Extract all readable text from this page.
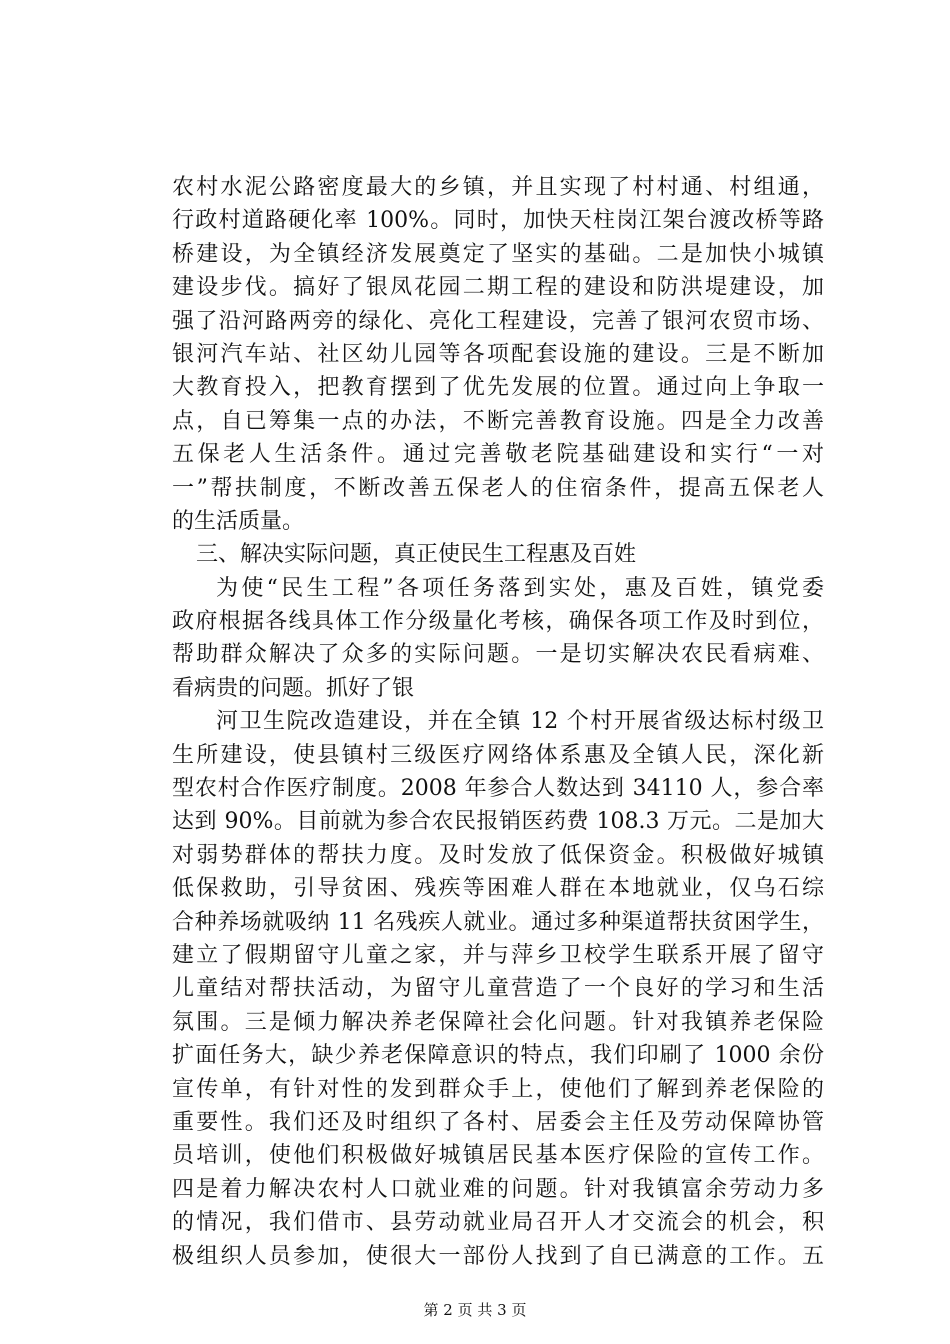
农村水泥公路密度最大的乡镇，并且实现了村村通、村组通，
行政村道路硬化率 100%。同时，加快天柱岗江架台渡改桥等路
桥建设，为全镇经济发展奠定了坚实的基础。二是加快小城镇
建设步伐。搞好了银凤花园二期工程的建设和防洪堤建设，加
强了沿河路两旁的绿化、亮化工程建设，完善了银河农贸市场、
银河汽车站、社区幼儿园等各项配套设施的建设。三是不断加
大教育投入，把教育摆到了优先发展的位置。通过向上争取一
点，自已筹集一点的办法，不断完善教育设施。四是全力改善
五保老人生活条件。通过完善敬老院基础建设和实行“一对
一”帮扶制度，不断改善五保老人的住宿条件，提高五保老人
的生活质量。
三、解决实际问题，真正使民生工程惠及百姓
为使“民生工程”各项任务落到实处，惠及百姓，镇党委
政府根据各线具体工作分级量化考核，确保各项工作及时到位，
帮助群众解决了众多的实际问题。一是切实解决农民看病难、
看病贵的问题。抓好了银
河卫生院改造建设，并在全镇 12 个村开展省级达标村级卫
生所建设，使县镇村三级医疗网络体系惠及全镇人民，深化新
型农村合作医疗制度。2008 年参合人数达到 34110 人，参合率
达到 90%。目前就为参合农民报销医药费 108.3 万元。二是加大
对弱势群体的帮扶力度。及时发放了低保资金。积极做好城镇
低保救助，引导贫困、残疾等困难人群在本地就业，仅乌石综
合种养场就吸纳 11 名残疾人就业。通过多种渠道帮扶贫困学生，
建立了假期留守儿童之家，并与萍乡卫校学生联系开展了留守
儿童结对帮扶活动，为留守儿童营造了一个良好的学习和生活
氛围。三是倾力解决养老保障社会化问题。针对我镇养老保险
扩面任务大，缺少养老保障意识的特点，我们印刷了 1000 余份
宣传单，有针对性的发到群众手上，使他们了解到养老保险的
重要性。我们还及时组织了各村、居委会主任及劳动保障协管
员培训，使他们积极做好城镇居民基本医疗保险的宣传工作。
四是着力解决农村人口就业难的问题。针对我镇富余劳动力多
的情况，我们借市、县劳动就业局召开人才交流会的机会，积
极组织人员参加，使很大一部份人找到了自已满意的工作。五
第 2 页 共 3 页
